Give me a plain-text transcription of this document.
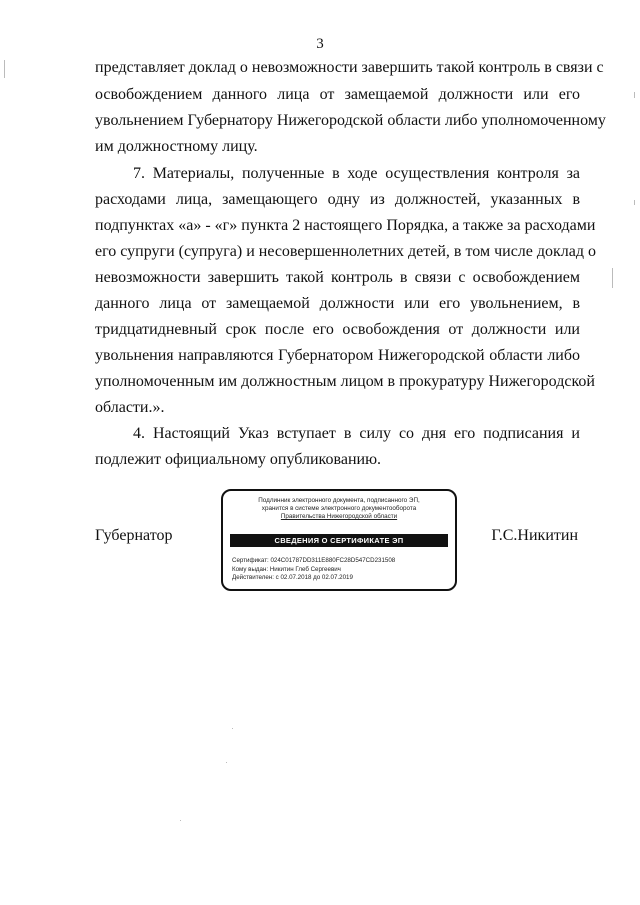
3
представляет доклад о невозможности завершить такой контроль в связи с
освобождением данного лица от замещаемой должности или его
увольнением Губернатору Нижегородской области либо уполномоченному
им должностному лицу.
7. Материалы, полученные в ходе осуществления контроля за
расходами лица, замещающего одну из должностей, указанных в
подпунктах «а» - «г» пункта 2 настоящего Порядка, а также за расходами
его супруги (супруга) и несовершеннолетних детей, в том числе доклад о
невозможности завершить такой контроль в связи с освобождением
данного лица от замещаемой должности или его увольнением, в
тридцатидневный срок после его освобождения от должности или
увольнения направляются Губернатором Нижегородской области либо
уполномоченным им должностным лицом в прокуратуру Нижегородской
области.».
4. Настоящий Указ вступает в силу со дня его подписания и
подлежит официальному опубликованию.
Губернатор
Подлинник электронного документа, подписанного ЭП,
хранится в системе электронного документооборота
Правительства Нижегородской области
СВЕДЕНИЯ О СЕРТИФИКАТЕ ЭП
Сертификат: 024C01787DD311E880FC28D547CD231508
Кому выдан: Никитин Глеб Сергеевич
Действителен: с 02.07.2018 до 02.07.2019
Г.С.Никитин
